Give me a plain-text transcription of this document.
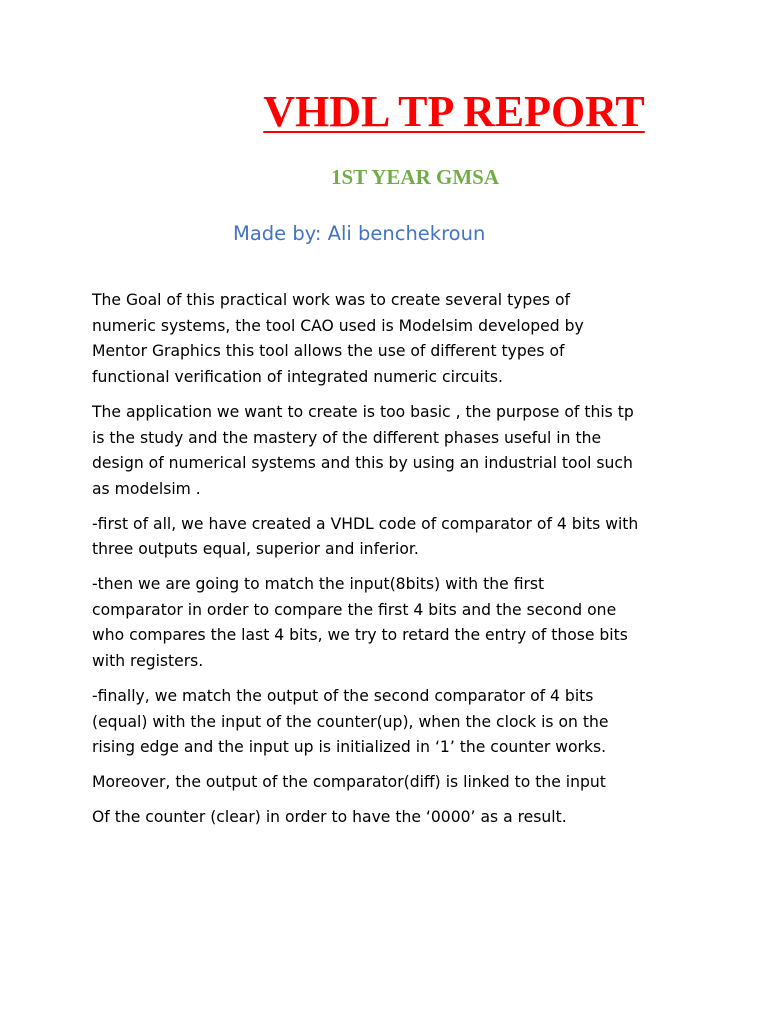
VHDL TP REPORT
1ST YEAR GMSA
Made by: Ali benchekroun

The Goal of this practical work was to create several types of
numeric systems, the tool CAO used is Modelsim developed by
Mentor Graphics this tool allows the use of different types of
functional verification of integrated numeric circuits.

The application we want to create is too basic , the purpose of this tp
is the study and the mastery of the different phases useful in the
design of numerical systems and this by using an industrial tool such
as modelsim .

-first of all, we have created a VHDL code of comparator of 4 bits with
three outputs equal, superior and inferior.

-then we are going to match the input(8bits) with the first
comparator in order to compare the first 4 bits and the second one
who compares the last 4 bits, we try to retard the entry of those bits
with registers.

-finally, we match the output of the second comparator of 4 bits
(equal) with the input of the counter(up), when the clock is on the
rising edge and the input up is initialized in ‘1’ the counter works.

Moreover, the output of the comparator(diff) is linked to the input

Of the counter (clear) in order to have the ‘0000’ as a result.
